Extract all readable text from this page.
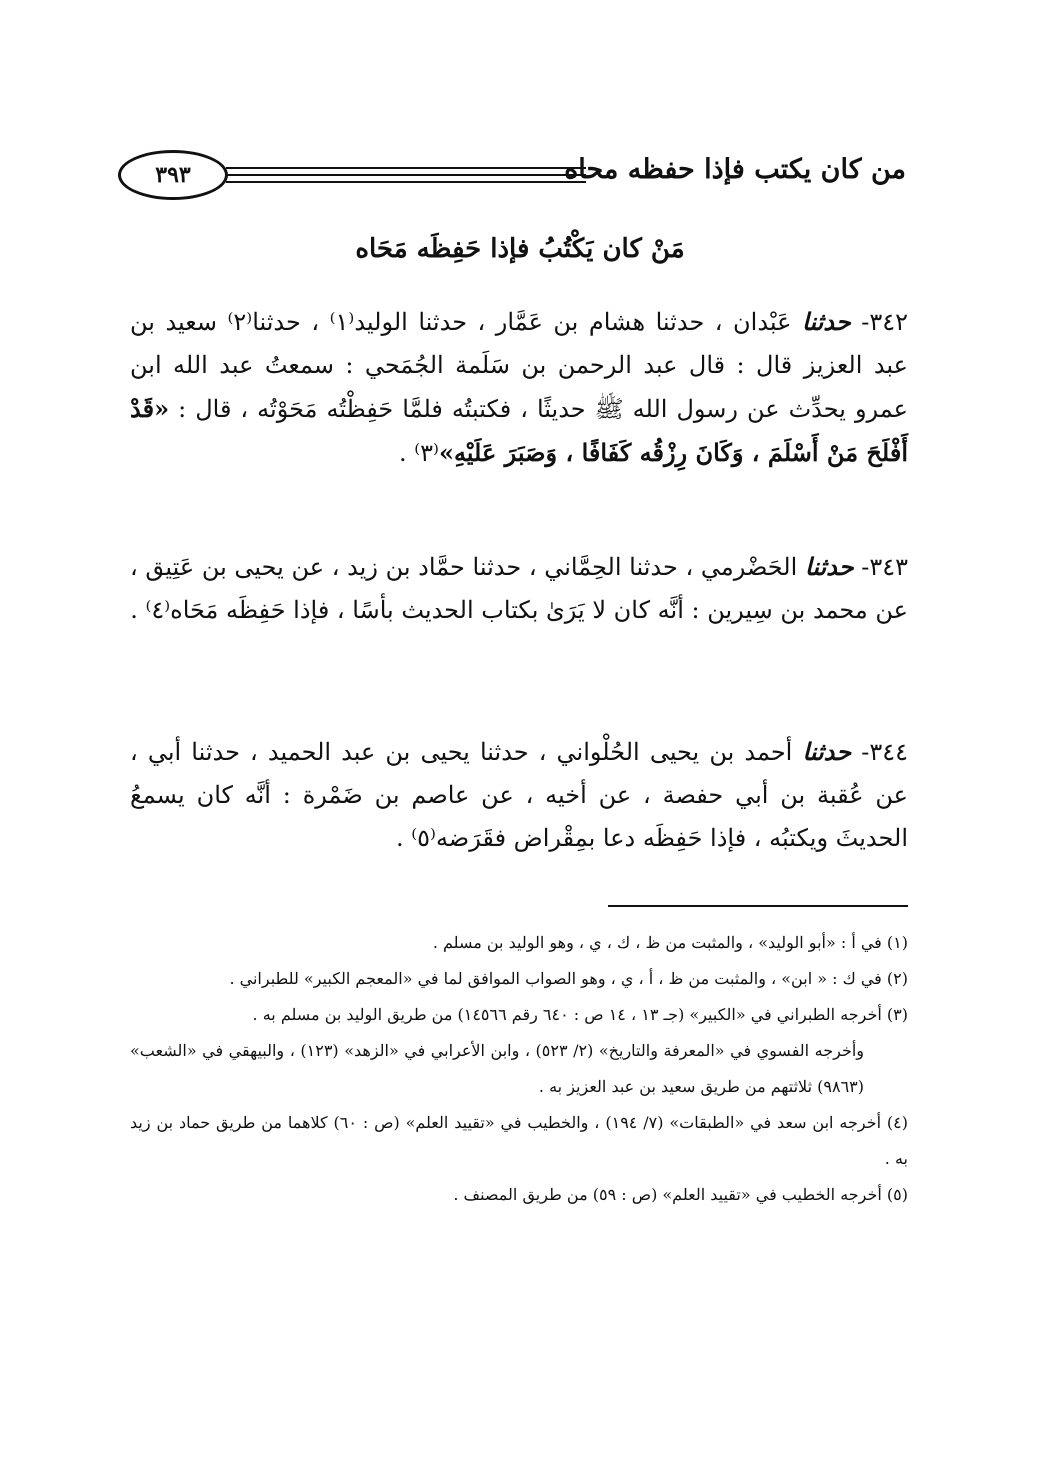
٣٩٣	من كان يكتب فإذا حفظه محاه
مَنْ كان يَكْتُبُ فإذا حَفِظَه مَحَاه

٣٤٢- حدثنا عَبْدان ، حدثنا هشام بن عَمَّار ، حدثنا الوليد⁽١⁾ ، حدثنا⁽٢⁾ سعيد بن عبد العزيز قال : قال عبد الرحمن بن سَلَمة الجُمَحي : سمعتُ عبد الله ابن عمرو يحدِّث عن رسول الله ﷺ حديثًا ، فكتبتُه فلمَّا حَفِظْتُه مَحَوْتُه ، قال : «قَدْ أَفْلَحَ مَنْ أَسْلَمَ ، وَكَانَ رِزْقُه كَفَافًا ، وَصَبَرَ عَلَيْهِ»⁽٣⁾ .

٣٤٣- حدثنا الحَضْرمي ، حدثنا الحِمَّاني ، حدثنا حمَّاد بن زيد ، عن يحيى بن عَتِيق ، عن محمد بن سِيرين : أنَّه كان لا يَرَىٰ بكتاب الحديث بأسًا ، فإذا حَفِظَه مَحَاه⁽٤⁾ .

٣٤٤- حدثنا أحمد بن يحيى الحُلْواني ، حدثنا يحيى بن عبد الحميد ، حدثنا أبي ، عن عُقبة بن أبي حفصة ، عن أخيه ، عن عاصم بن ضَمْرة : أنَّه كان يسمعُ الحديثَ ويكتبُه ، فإذا حَفِظَه دعا بمِقْراض فقَرَضه⁽٥⁾ .

(١) في أ : «أبو الوليد» ، والمثبت من ظ ، ك ، ي ، وهو الوليد بن مسلم .

(٢) في ك : « ابن» ، والمثبت من ظ ، أ ، ي ، وهو الصواب الموافق لما في «المعجم الكبير» للطبراني .

(٣) أخرجه الطبراني في «الكبير» (جـ ١٣ ، ١٤ ص : ٦٤٠ رقم ١٤٥٦٦) من طريق الوليد بن مسلم به .

وأخرجه الفسوي في «المعرفة والتاريخ» (٢/ ٥٢٣) ، وابن الأعرابي في «الزهد» (١٢٣) ، والبيهقي في «الشعب» (٩٨٦٣) ثلاثتهم من طريق سعيد بن عبد العزيز به .

(٤) أخرجه ابن سعد في «الطبقات» (٧/ ١٩٤) ، والخطيب في «تقييد العلم» (ص : ٦٠) كلاهما من طريق حماد بن زيد به .

(٥) أخرجه الخطيب في «تقييد العلم» (ص : ٥٩) من طريق المصنف .
